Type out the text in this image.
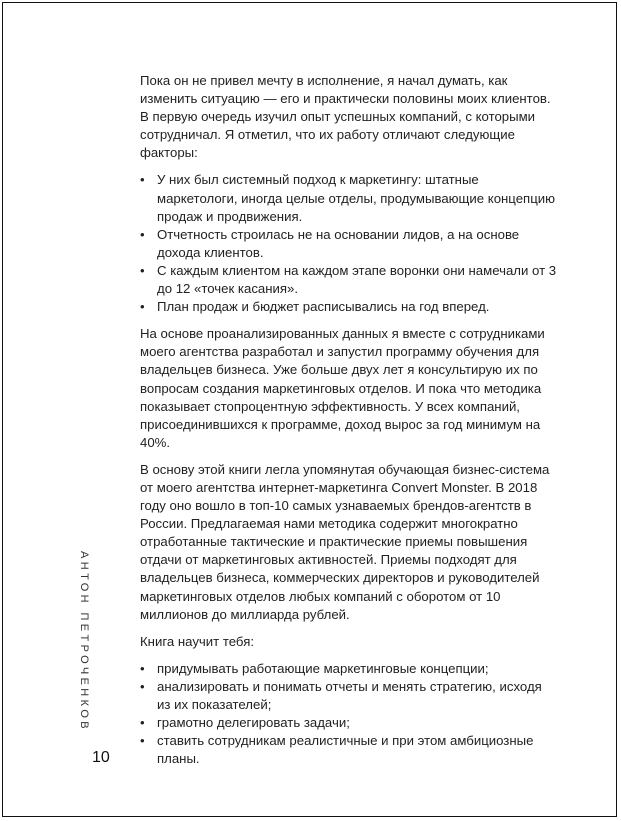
Пока он не привел мечту в исполнение, я начал думать, как изменить ситуацию — его и практически половины моих клиентов. В первую очередь изучил опыт успешных компаний, с которыми сотрудничал. Я отметил, что их работу отличают следующие факторы:

• У них был системный подход к маркетингу: штатные маркетологи, иногда целые отделы, продумывающие концепцию продаж и продвижения.
• Отчетность строилась не на основании лидов, а на основе дохода клиентов.
• С каждым клиентом на каждом этапе воронки они намечали от 3 до 12 «точек касания».
• План продаж и бюджет расписывались на год вперед.

На основе проанализированных данных я вместе с сотрудниками моего агентства разработал и запустил программу обучения для владельцев бизнеса. Уже больше двух лет я консультирую их по вопросам создания маркетинговых отделов. И пока что методика показывает стопроцентную эффективность. У всех компаний, присоединившихся к программе, доход вырос за год минимум на 40%.

В основу этой книги легла упомянутая обучающая бизнес-система от моего агентства интернет-маркетинга Convert Monster. В 2018 году оно вошло в топ-10 самых узнаваемых брендов-агентств в России. Предлагаемая нами методика содержит многократно отработанные тактические и практические приемы повышения отдачи от маркетинговых активностей. Приемы подходят для владельцев бизнеса, коммерческих директоров и руководителей маркетинговых отделов любых компаний с оборотом от 10 миллионов до миллиарда рублей.

Книга научит тебя:

• придумывать работающие маркетинговые концепции;
• анализировать и понимать отчеты и менять стратегию, исходя из их показателей;
• грамотно делегировать задачи;
• ставить сотрудникам реалистичные и при этом амбициозные планы.
АНТОН ПЕТРОЧЕНКОВ
10
